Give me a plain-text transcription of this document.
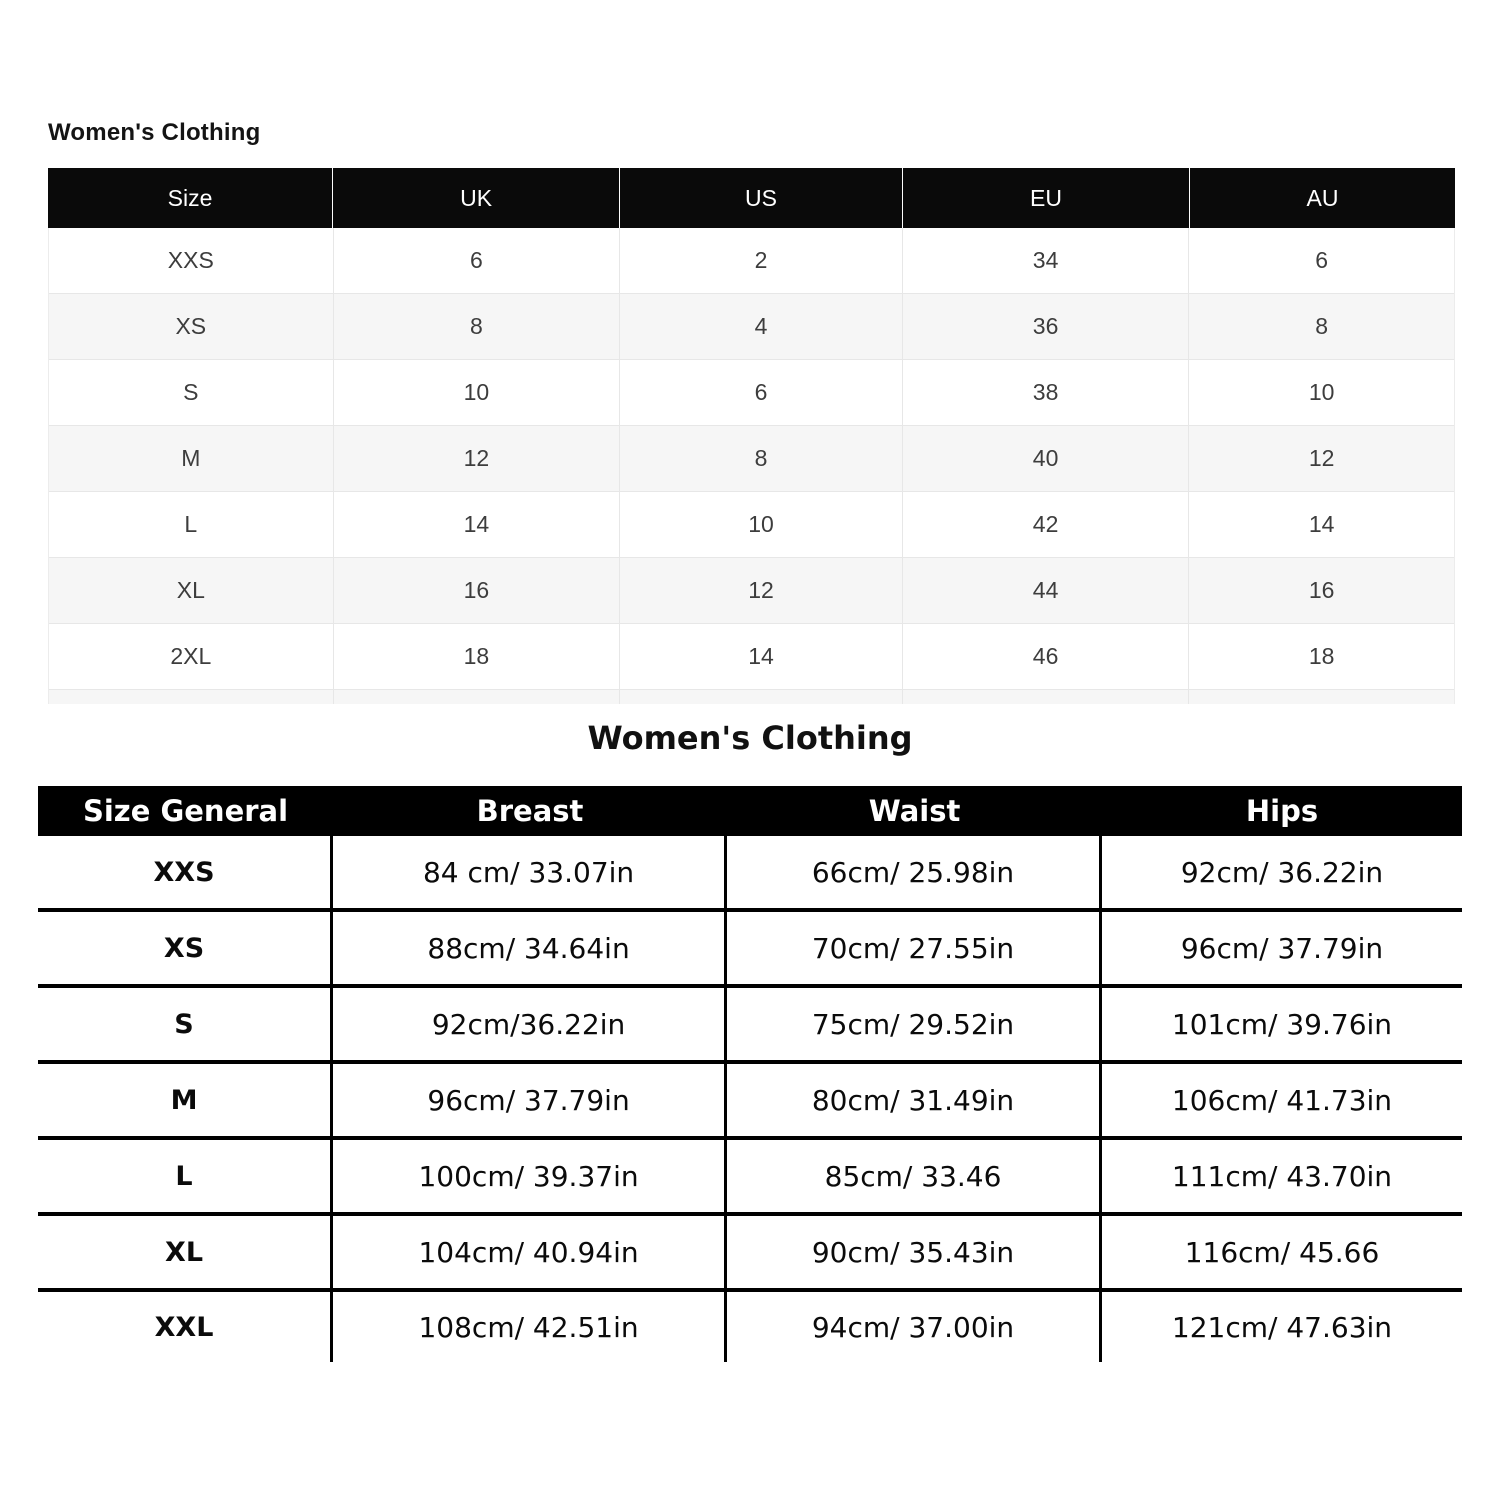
Women's Clothing
Size	UK	US	EU	AU
XXS	6	2	34	6
XS	8	4	36	8
S	10	6	38	10
M	12	8	40	12
L	14	10	42	14
XL	16	12	44	16
2XL	18	14	46	18
Women's Clothing
Size General	Breast	Waist	Hips
XXS	84 cm/ 33.07in	66cm/ 25.98in	92cm/ 36.22in
XS	88cm/ 34.64in	70cm/ 27.55in	96cm/ 37.79in
S	92cm/36.22in	75cm/ 29.52in	101cm/ 39.76in
M	96cm/ 37.79in	80cm/ 31.49in	106cm/ 41.73in
L	100cm/ 39.37in	85cm/ 33.46	111cm/ 43.70in
XL	104cm/ 40.94in	90cm/ 35.43in	116cm/ 45.66
XXL	108cm/ 42.51in	94cm/ 37.00in	121cm/ 47.63in
